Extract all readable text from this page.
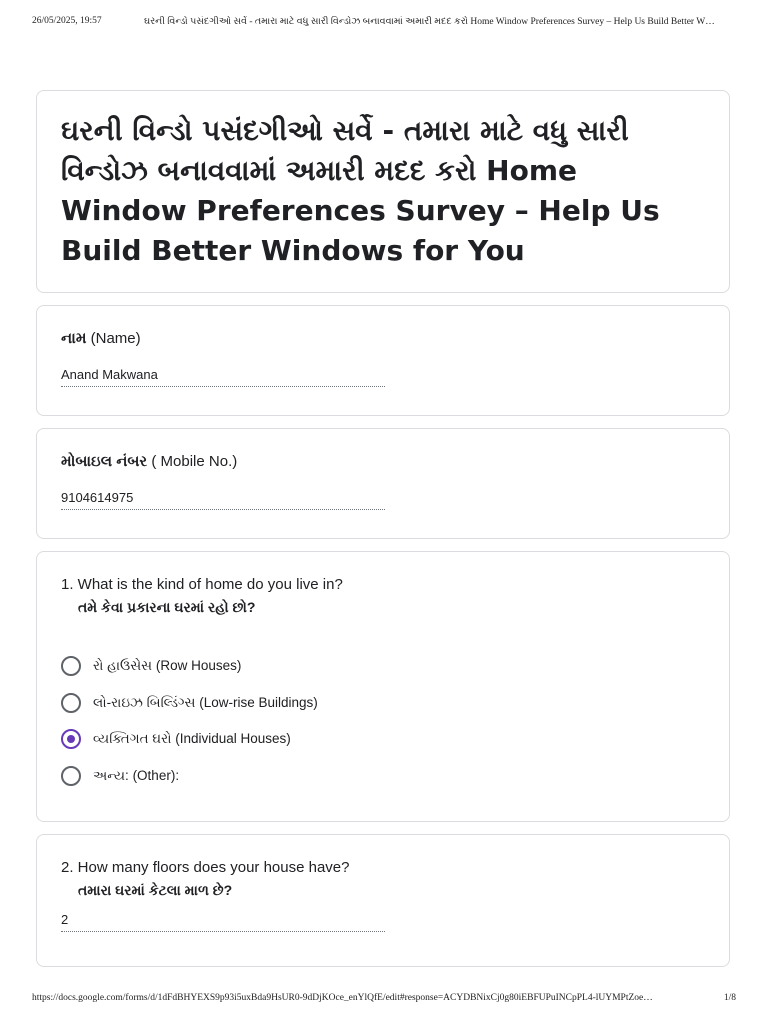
26/05/2025, 19:57	ઘરની વિન્ડો પસંદગીઓ સર્વે - તમારા માટે વધુ સારી વિન્ડોઝ બનાવવામાં અમારી મદદ કરો Home Window Preferences Survey – Help Us Build Better W…
ઘરની વિન્ડો પસંદગીઓ સર્વે - તમારા માટે વધુ સારી વિન્ડોઝ બનાવવામાં અમારી મદદ કરો Home Window Preferences Survey – Help Us Build Better Windows for You
નામ (Name)
Anand Makwana
મોબાઇલ નંબર ( Mobile No.)
9104614975
1. What is the kind of home do you live in?
તમે કેવા પ્રકારના ઘરમાં રહો છો?
રો હાઉસેસ (Row Houses)
લો-રાઇઝ બિલ્ડિંગ્સ (Low-rise Buildings)
વ્યક્તિગત ઘરો (Individual Houses)
અન્ય: (Other):
2. How many floors does your house have?
તમારા ઘરમાં કેટલા માળ છે?
2
https://docs.google.com/forms/d/1dFdBHYEXS9p93i5uxBda9HsUR0-9dDjKOce_enYlQfE/edit#response=ACYDBNixCj0g80iEBFUPuINCpPL4-lUYMPtZoe…	1/8
